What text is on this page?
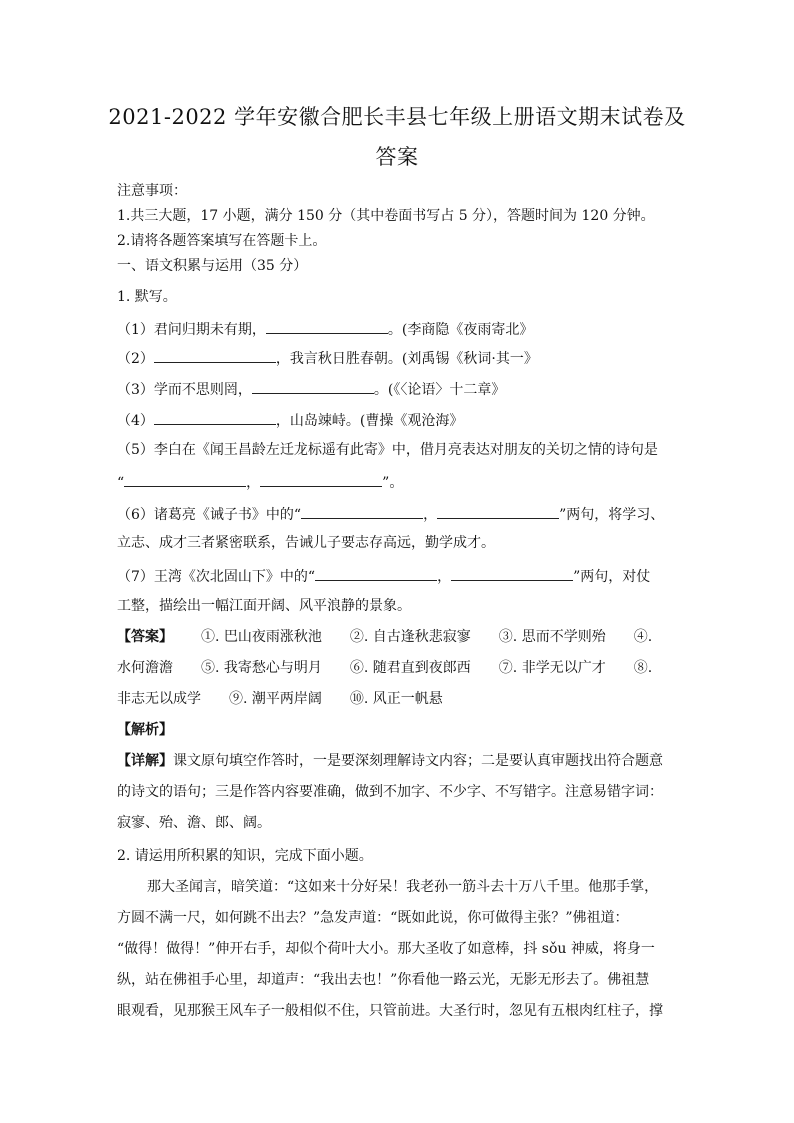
2021-2022 学年安徽合肥长丰县七年级上册语文期末试卷及
答案
注意事项：
1.共三大题，17 小题，满分 150 分（其中卷面书写占 5 分），答题时间为 120 分钟。
2.请将各题答案填写在答题卡上。
一、语文积累与运用（35 分）
1. 默写。
（1）君问归期未有期，	。(李商隐《夜雨寄北》
（2）	，我言秋日胜春朝。(刘禹锡《秋词·其一》
（3）学而不思则罔，	。(《〈论语〉十二章》
（4）	，山岛竦峙。(曹操《观沧海》
（5）李白在《闻王昌龄左迁龙标遥有此寄》中，借月亮表达对朋友的关切之情的诗句是
“	，	”。
（6）诸葛亮《诫子书》中的“	，	”两句，将学习、
立志、成才三者紧密联系，告诫儿子要志存高远，勤学成才。
（7）王湾《次北固山下》中的“	，	”两句，对仗
工整，描绘出一幅江面开阔、风平浪静的景象。
【答案】 ①. 巴山夜雨涨秋池　　②. 自古逢秋悲寂寥　　③. 思而不学则殆　　④.
水何澹澹　　⑤. 我寄愁心与明月　　⑥. 随君直到夜郎西　　⑦. 非学无以广才　　⑧.
非志无以成学　　⑨. 潮平两岸阔　　⑩. 风正一帆悬
【解析】
【详解】课文原句填空作答时，一是要深刻理解诗文内容；二是要认真审题找出符合题意
的诗文的语句；三是作答内容要准确，做到不加字、不少字、不写错字。注意易错字词：
寂寥、殆、澹、郎、阔。
2. 请运用所积累的知识，完成下面小题。
那大圣闻言，暗笑道：“这如来十分好呆！我老孙一筋斗去十万八千里。他那手掌，
方圆不满一尺，如何跳不出去？”急发声道：“既如此说，你可做得主张？”佛祖道：
“做得！做得！”伸开右手，却似个荷叶大小。那大圣收了如意棒，抖 sǒu 神威，将身一
纵，站在佛祖手心里，却道声：“我出去也！”你看他一路云光，无影无形去了。佛祖慧
眼观看，见那猴王风车子一般相似不住，只管前进。大圣行时，忽见有五根肉红柱子，撑
